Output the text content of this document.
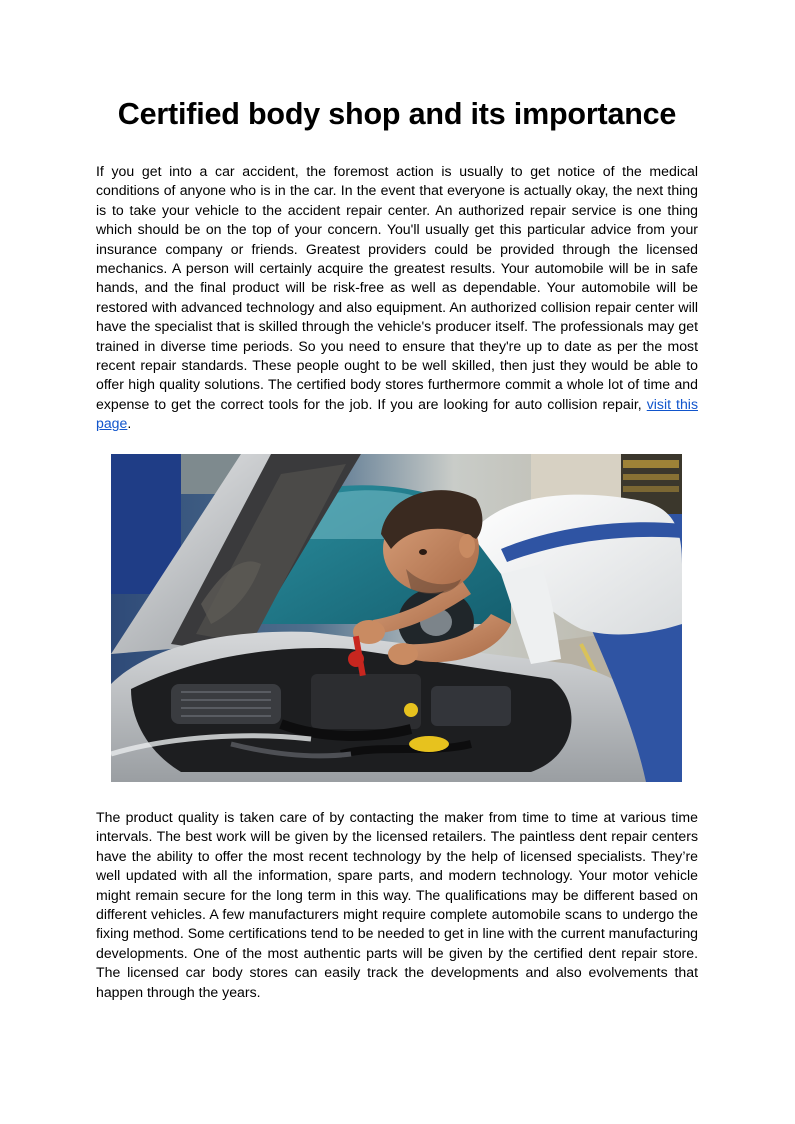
Certified body shop and its importance

If you get into a car accident, the foremost action is usually to get notice of the medical conditions of anyone who is in the car. In the event that everyone is actually okay, the next thing is to take your vehicle to the accident repair center. An authorized repair service is one thing which should be on the top of your concern. You'll usually get this particular advice from your insurance company or friends. Greatest providers could be provided through the licensed mechanics. A person will certainly acquire the greatest results. Your automobile will be in safe hands, and the final product will be risk-free as well as dependable. Your automobile will be restored with advanced technology and also equipment. An authorized collision repair center will have the specialist that is skilled through the vehicle's producer itself. The professionals may get trained in diverse time periods. So you need to ensure that they're up to date as per the most recent repair standards. These people ought to be well skilled, then just they would be able to offer high quality solutions. The certified body stores furthermore commit a whole lot of time and expense to get the correct tools for the job. If you are looking for auto collision repair, visit this page.

The product quality is taken care of by contacting the maker from time to time at various time intervals. The best work will be given by the licensed retailers. The paintless dent repair centers have the ability to offer the most recent technology by the help of licensed specialists. They’re well updated with all the information, spare parts, and modern technology. Your motor vehicle might remain secure for the long term in this way. The qualifications may be different based on different vehicles. A few manufacturers might require complete automobile scans to undergo the fixing method. Some certifications tend to be needed to get in line with the current manufacturing developments. One of the most authentic parts will be given by the certified dent repair store. The licensed car body stores can easily track the developments and also evolvements that happen through the years.
